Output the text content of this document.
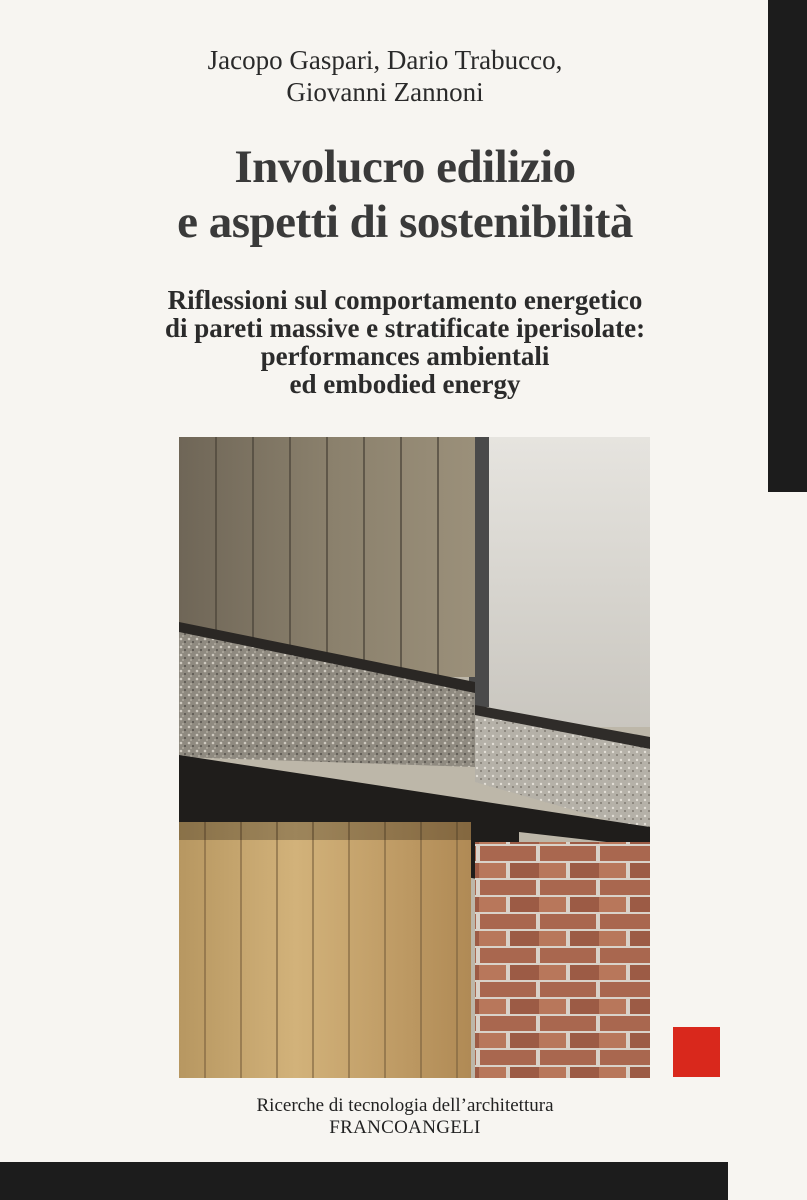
Jacopo Gaspari, Dario Trabucco,
Giovanni Zannoni
Involucro edilizio
e aspetti di sostenibilità
Riflessioni sul comportamento energetico
di pareti massive e stratificate iperisolate:
performances ambientali
ed embodied energy
Ricerche di tecnologia dell’architettura
FRANCOANGELI
